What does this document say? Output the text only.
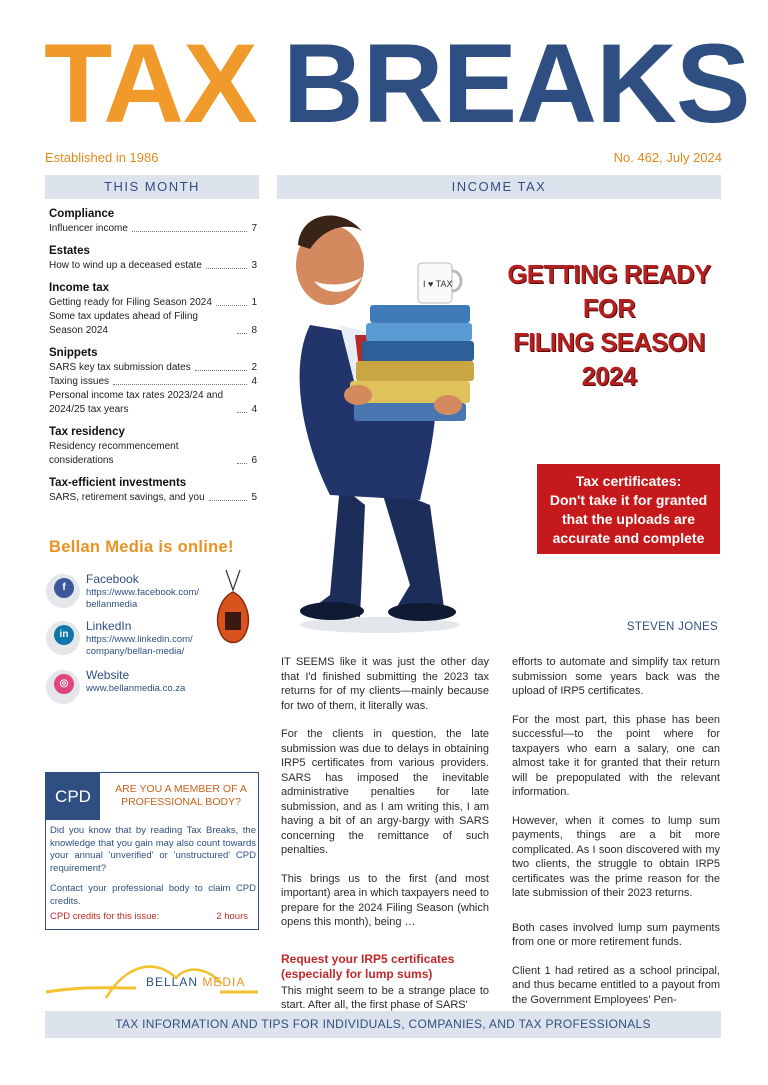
TAX BREAKS
Established in 1986	No. 462, July 2024
THIS MONTH	INCOME TAX
Compliance
Influencer income	7
Estates
How to wind up a deceased estate	3
Income tax
Getting ready for Filing Season 2024	1
Some tax updates ahead of Filing Season 2024	8
Snippets
SARS key tax submission dates	2
Taxing issues	4
Personal income tax rates 2023/24 and 2024/25 tax years	4
Tax residency
Residency recommencement considerations	6
Tax-efficient investments
SARS, retirement savings, and you	5
Bellan Media is online!
f
Facebook
https://www.facebook.com/
bellanmedia
in
LinkedIn
https://www.linkedin.com/
company/bellan-media/
◎
Website
www.bellanmedia.co.za
CPD	ARE YOU A MEMBER OF A PROFESSIONAL BODY?
Did you know that by reading Tax Breaks, the knowledge that you gain may also count towards your annual 'unverified' or 'unstructured' CPD requirement?
Contact your professional body to claim CPD credits.
2 hours
CPD credits for this issue:
BELLAN MEDIA
I ♥ TAX	GETTING READY
FOR
FILING SEASON
2024
Tax certificates:
Don't take it for granted
that the uploads are
accurate and complete
STEVEN JONES

IT SEEMS like it was just the other day that I'd finished submitting the 2023 tax returns for of my clients—mainly because for two of them, it literally was.

For the clients in question, the late submission was due to delays in obtaining IRP5 certificates from various providers. SARS has imposed the inevitable administrative penalties for late submission, and as I am writing this, I am having a bit of an argy-bargy with SARS concerning the remittance of such penalties.

This brings us to the first (and most important) area in which taxpayers need to prepare for the 2024 Filing Season (which opens this month), being …

Request your IRP5 certificates (especially for lump sums)

This might seem to be a strange place to start. After all, the first phase of SARS'

efforts to automate and simplify tax return submission some years back was the upload of IRP5 certificates.

For the most part, this phase has been successful—to the point where for taxpayers who earn a salary, one can almost take it for granted that their return will be prepopulated with the relevant information.

However, when it comes to lump sum payments, things are a bit more complicated. As I soon discovered with my two clients, the struggle to obtain IRP5 certificates was the prime reason for the late submission of their 2023 returns.

Both cases involved lump sum payments from one or more retirement funds.

Client 1 had retired as a school principal, and thus became entitled to a payout from the Government Employees' Pen-

TAX INFORMATION AND TIPS FOR INDIVIDUALS, COMPANIES, AND TAX PROFESSIONALS
